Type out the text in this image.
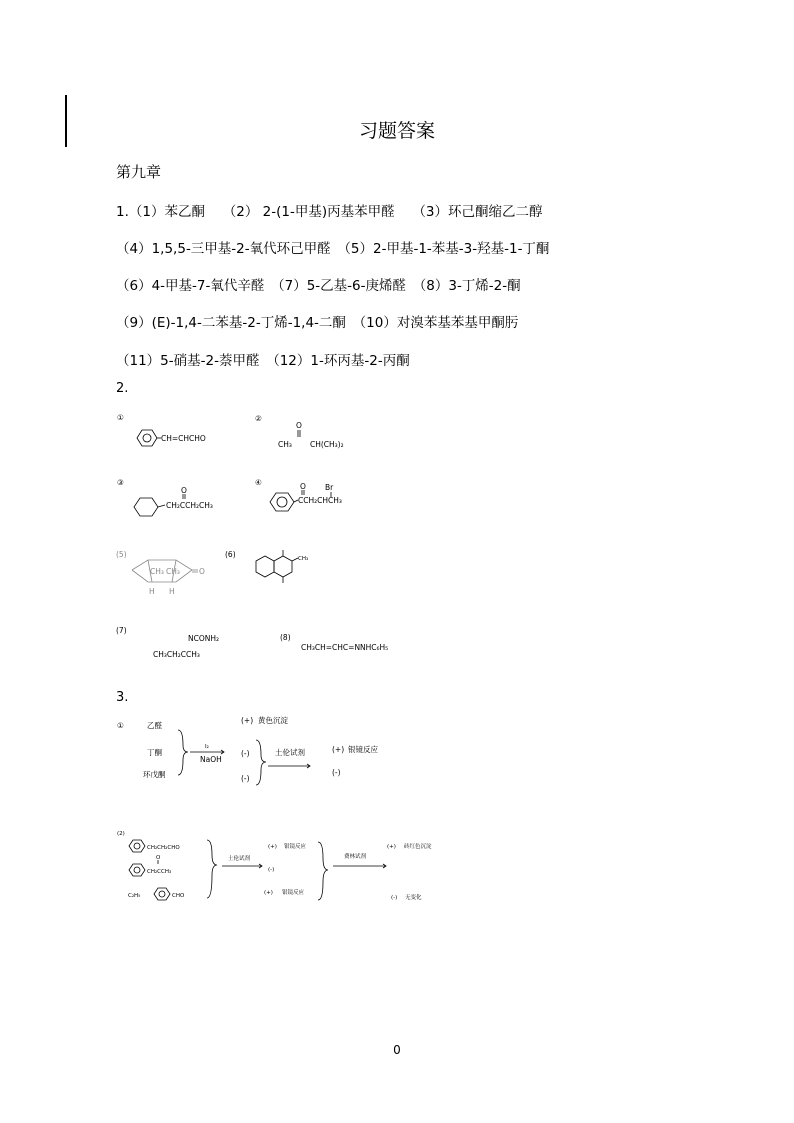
习题答案
第九章
1.（1）苯乙酮　 （2） 2-(1-甲基)丙基苯甲醛　 （3）环己酮缩乙二醇
（4）1,5,5-三甲基-2-氧代环己甲醛　（5）2-甲基-1-苯基-3-羟基-1-丁酮
（6）4-甲基-7-氧代辛醛　（7）5-乙基-6-庚烯醛　（8）3-丁烯-2-酮
（9）(E)-1,4-二苯基-2-丁烯-1,4-二酮　（10）对溴苯基苯基甲酮肟
（11）5-硝基-2-萘甲醛　（12）1-环丙基-2-丙酮
2.
①
CH=CHCHO
②
O
CH₃ CH(CH₃)₂
③
O
CH₂CCH₂CH₃
④	O	Br
CCH₂CHCH₃
(5)
CH₃ CH₃	O
H H
(6)	CH₃
(7)
NCONH₂
CH₃CH₂CCH₃
(8)
CH₃CH=CHC=NNHC₆H₅
①	乙醛
丁酮
环戊酮
I₂
NaOH
(+) 黄色沉淀
(-)
(-)
土伦试剂	(+) 银镜反应
(-)
(2)
CH₂CH₂CHO
O
CH₂CCH₃
C₂H₅	CHO
土伦试剂
(+) 银镜反应
(-)
(+) 银镜反应
费林试剂
(+) 砖红色沉淀
(-) 无变化
3.
0
